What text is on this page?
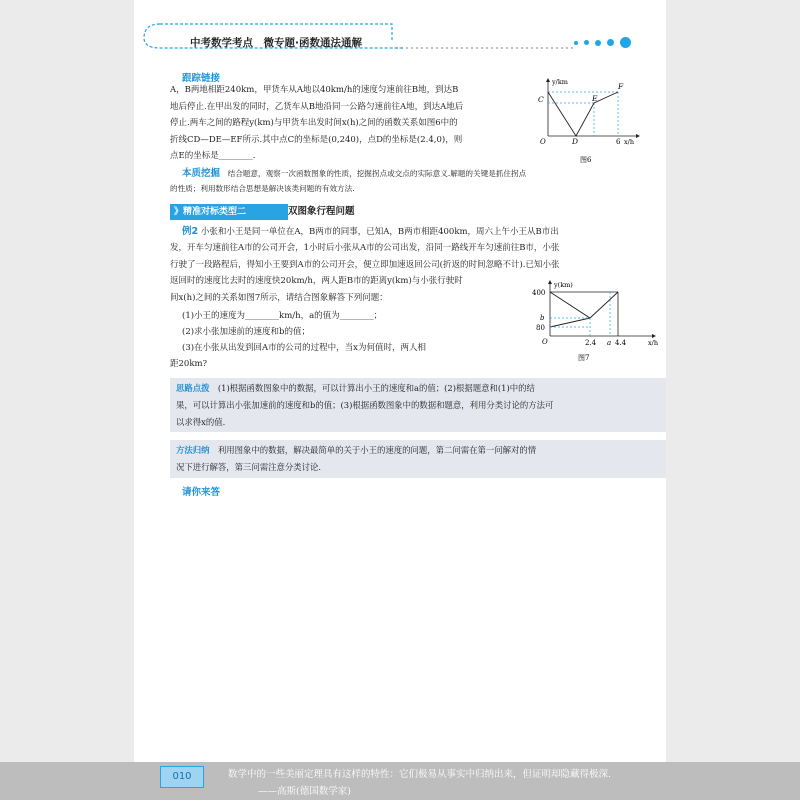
中考数学考点　微专题·函数通法通解
跟踪链接
A，B两地相距240km，甲货车从A地以40km/h的速度匀速前往B地，到达B
地后停止.在甲出发的同时，乙货车从B地沿同一公路匀速前往A地，到达A地后
停止.两车之间的路程y(km)与甲货车出发时间x(h)之间的函数关系如图6中的
折线CD—DE—EF所示.其中点C的坐标是(0,240)，点D的坐标是(2.4,0)，则
点E的坐标是________.
y/km
x/h
O
C
D
E
F
6
图6
本质挖掘　结合题意，观察一次函数图象的性质，挖掘拐点或交点的实际意义.解题的关键是抓住拐点
的性质；利用数形结合思想是解决该类问题的有效方法.
》精准对标类型二	双图象行程问题
例2 小张和小王是同一单位在A，B两市的同事，已知A，B两市相距400km，周六上午小王从B市出
发，开车匀速前往A市的公司开会，1小时后小张从A市的公司出发，沿同一路线开车匀速前往B市，小张
行驶了一段路程后，得知小王要到A市的公司开会，便立即加速返回公司(折返的时间忽略不计).已知小张
返回时的速度比去时的速度快20km/h，两人距B市的距离y(km)与小张行驶时
间x(h)之间的关系如图7所示，请结合图象解答下列问题：
(1)小王的速度为________km/h，a的值为________；
(2)求小张加速前的速度和b的值；
(3)在小张从出发到回A市的公司的过程中，当x为何值时，两人相
距20km?
y(km)
x/h
O
400
b
80
2.4 a 4.4
图7
思路点拨　(1)根据函数图象中的数据，可以计算出小王的速度和a的值；(2)根据题意和(1)中的结
果，可以计算出小张加速前的速度和b的值；(3)根据函数图象中的数据和题意，利用分类讨论的方法可
以求得x的值.
方法归纳　利用图象中的数据，解决最简单的关于小王的速度的问题，第二问需在第一问解对的情
况下进行解答，第三问需注意分类讨论.
请你来答
010	数学中的一些美丽定理具有这样的特性：它们极易从事实中归纳出来，但证明却隐藏得极深.
——高斯(德国数学家)
